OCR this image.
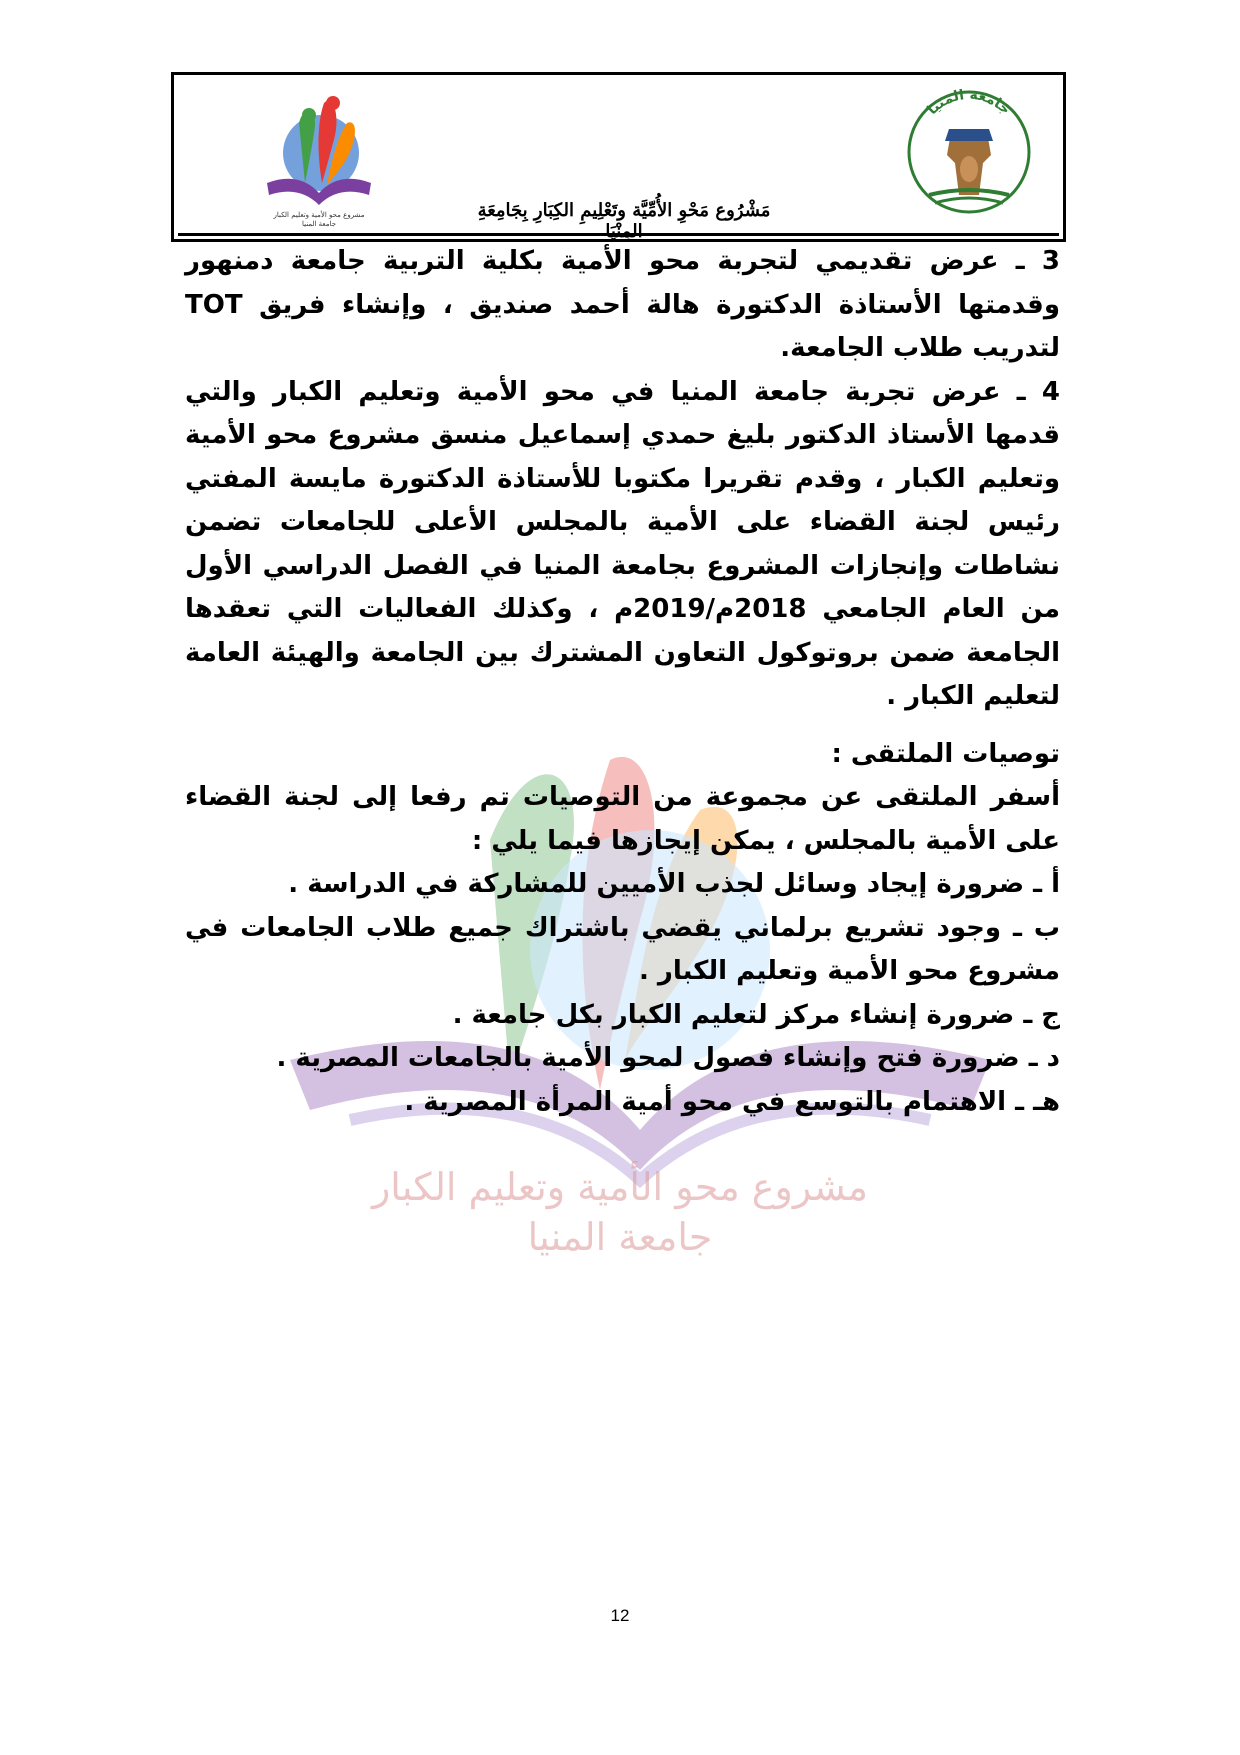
مشروع محو الأمية وتعليم الكبار
جامعة المنيا
مشروع محو الأمية وتعليم الكبار
جامعة المنيا
مَشْرُوع مَحْوِ الأُمِّيَّة وتَعْلِيمِ الكِبَارِ بِجَامِعَةِ المِنْيَا
جامعة المنيا

3 ـ عرض تقديمي لتجربة محو الأمية بكلية التربية جامعة دمنهور وقدمتها الأستاذة الدكتورة هالة أحمد صنديق ، وإنشاء فريق TOT لتدريب طلاب الجامعة.

4 ـ عرض تجربة جامعة المنيا في محو الأمية وتعليم الكبار والتي قدمها الأستاذ الدكتور بليغ حمدي إسماعيل منسق مشروع محو الأمية وتعليم الكبار ، وقدم تقريرا مكتوبا للأستاذة الدكتورة مايسة المفتي رئيس لجنة القضاء على الأمية بالمجلس الأعلى للجامعات تضمن نشاطات وإنجازات المشروع بجامعة المنيا في الفصل الدراسي الأول من العام الجامعي 2018م/2019م ، وكذلك الفعاليات التي تعقدها الجامعة ضمن بروتوكول التعاون المشترك بين الجامعة والهيئة العامة لتعليم الكبار .

توصيات الملتقى :

أسفر الملتقى عن مجموعة من التوصيات تم رفعا إلى لجنة القضاء على الأمية بالمجلس ، يمكن إيجازها فيما يلي :

أ ـ ضرورة إيجاد وسائل لجذب الأميين للمشاركة في الدراسة .

ب ـ وجود تشريع برلماني يقضي باشتراك جميع طلاب الجامعات في مشروع محو الأمية وتعليم الكبار .

ج ـ ضرورة إنشاء مركز لتعليم الكبار بكل جامعة .

د ـ ضرورة فتح وإنشاء فصول لمحو الأمية بالجامعات المصرية .

هـ ـ الاهتمام بالتوسع في محو أمية المرأة المصرية .

12
